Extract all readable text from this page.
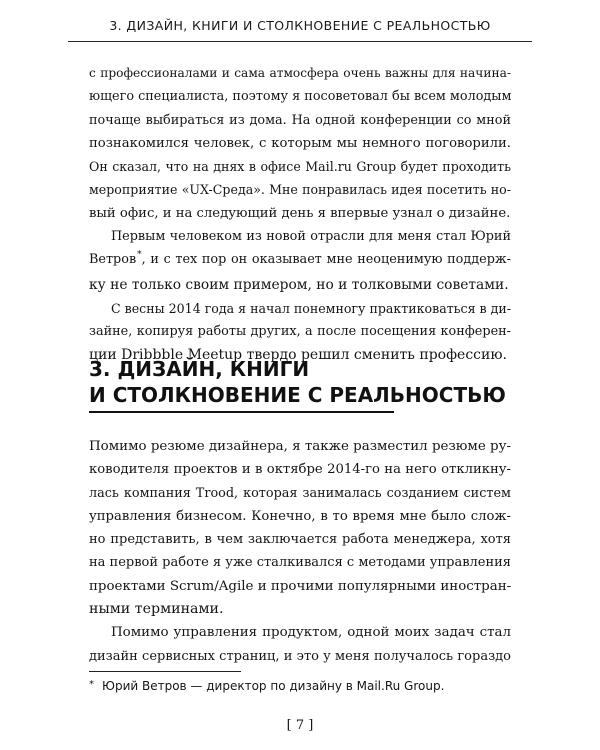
3. ДИЗАЙН, КНИГИ И СТОЛКНОВЕНИЕ С РЕАЛЬНОСТЬЮ
с профессионалами и сама атмосфера очень важны для начина-
ющего специалиста, поэтому я посоветовал бы всем молодым
почаще выбираться из дома. На одной конференции со мной
познакомился человек, с которым мы немного поговорили.
Он сказал, что на днях в офисе Mail.ru Group будет проходить
мероприятие «UX-Среда». Мне понравилась идея посетить но-
вый офис, и на следующий день я впервые узнал о дизайне.
Первым человеком из новой отрасли для меня стал Юрий
Ветров*, и с тех пор он оказывает мне неоценимую поддерж-
ку не только своим примером, но и толковыми советами.
С весны 2014 года я начал понемногу практиковаться в ди-
зайне, копируя работы других, а после посещения конферен-
ции Dribbble Meetup твердо решил сменить профессию.
3. ДИЗАЙН, КНИГИ
И СТОЛКНОВЕНИЕ С РЕАЛЬНОСТЬЮ
Помимо резюме дизайнера, я также разместил резюме ру-
ководителя проектов и в октябре 2014-го на него откликну-
лась компания Trood, которая занималась созданием систем
управления бизнесом. Конечно, в то время мне было слож-
но представить, в чем заключается работа менеджера, хотя
на первой работе я уже сталкивался с методами управления
проектами Scrum/Agile и прочими популярными иностран-
ными терминами.
Помимо управления продуктом, одной моих задач стал
дизайн сервисных страниц, и это у меня получалось гораздо
* Юрий Ветров — директор по дизайну в Mail.Ru Group.
[ 7 ]
